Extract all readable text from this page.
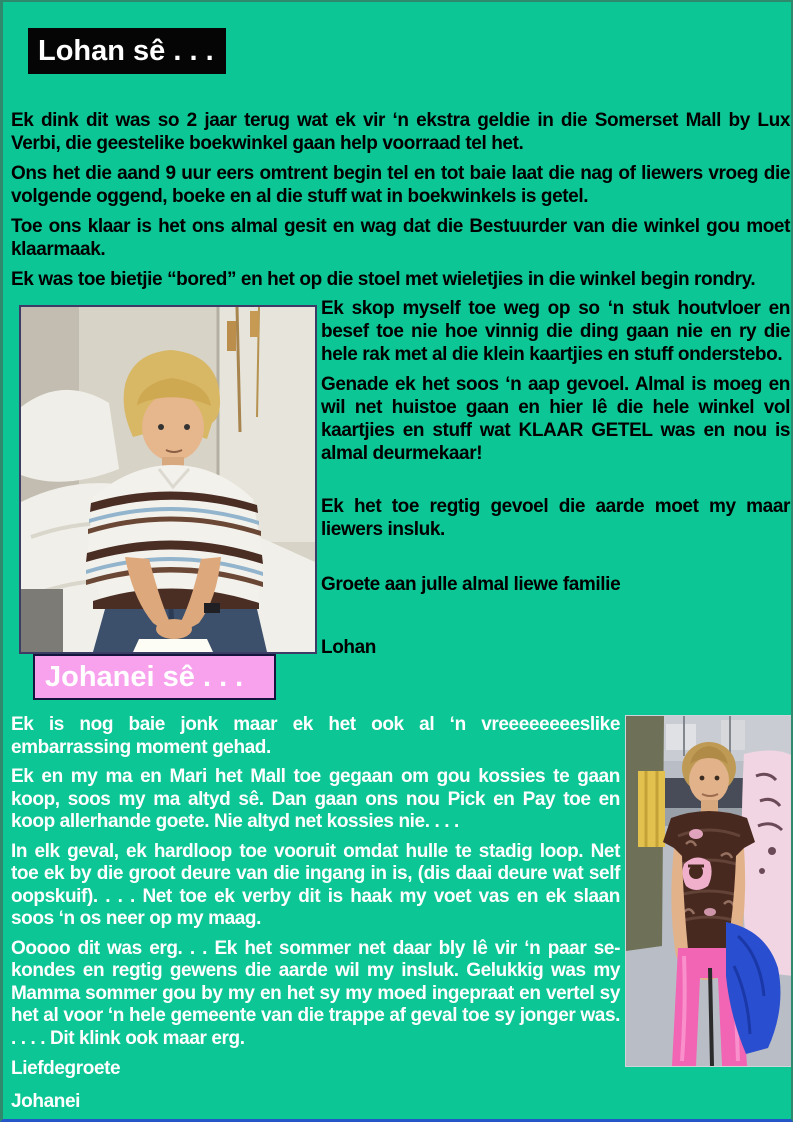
Lohan sê . . .

Ek dink dit was so 2 jaar terug wat ek vir ‘n ekstra geldie in die Somerset Mall by Lux Verbi, die geestelike boekwinkel gaan help voorraad tel het.

Ons het die aand 9 uur eers omtrent begin tel en tot baie laat die nag of liewers vroeg die volgende oggend, boeke en al die stuff wat in boekwinkels is getel.

Toe ons klaar is het ons almal gesit en wag dat die Bestuurder van die winkel gou moet klaarmaak.

Ek was toe bietjie “bored” en het op die stoel met wieletjies in die winkel begin rondry.

Ek skop myself toe weg op so ‘n stuk houtvloer en besef toe nie hoe vinnig die ding gaan nie en ry die hele rak met al die klein kaartjies en stuff onderstebo.

Genade ek het soos ‘n aap gevoel. Almal is moeg en wil net huistoe gaan en hier lê die hele winkel vol kaartjies en stuff wat KLAAR GETEL was en nou is almal deurmekaar!

Ek het toe regtig gevoel die aarde moet my maar liewers insluk.

Groete aan julle almal liewe familie

Lohan
Johanei sê . . .

Ek is nog baie jonk maar ek het ook al ‘n vreeeeeeeeslike embarrassing moment gehad.

Ek en my ma en Mari het Mall toe gegaan om gou kossies te gaan koop, soos my ma altyd sê. Dan gaan ons nou Pick en Pay toe en koop allerhande goete. Nie altyd net kossies nie. . . .

In elk geval, ek hardloop toe vooruit omdat hulle te stadig loop. Net toe ek by die groot deure van die ingang in is, (dis daai deure wat self oopskuif). . . . Net toe ek verby dit is haak my voet vas en ek slaan soos ‘n os neer op my maag.

Ooooo dit was erg. . . Ek het sommer net daar bly lê vir ‘n paar se-kondes en regtig gewens die aarde wil my insluk. Gelukkig was my Mamma sommer gou by my en het sy my moed ingepraat en vertel sy het al voor ‘n hele gemeente van die trappe af geval toe sy jonger was. . . . . Dit klink ook maar erg.

Liefdegroete
Johanei
